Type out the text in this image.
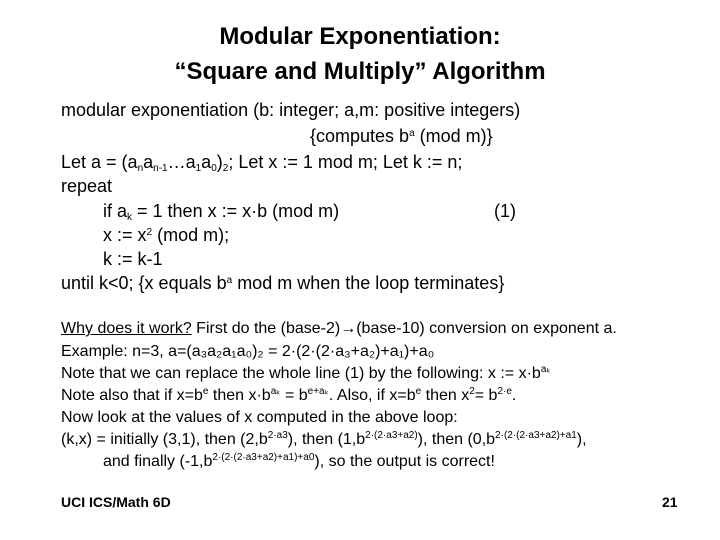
Modular Exponentiation:
“Square and Multiply” Algorithm
modular exponentiation (b: integer; a,m: positive integers)
{computes $b^a$ (mod m)}
Let $a = (a_na_{n-1}\dots a_1a_0)_2$; Let x := 1 mod m; Let k := n;
repeat
if $a_k = 1$ then x := x·b (mod m)	(1)
x := $x^2$ (mod m);
k := k-1
until k<0; {x equals $b^a$ mod m when the loop terminates}
Why does it work? First do the (base-2)→(base-10) conversion on exponent a.
Example: n=3, a=(a₃a₂a₁a₀)₂ = 2·(2·(2·a₃+a₂)+a₁)+a₀
Note that we can replace the whole line (1) by the following: x := $x\cdot b^{a_k}$
Note also that if $x=b^e$ then $x\cdot b^{a_k} = b^{e+a_k}$. Also, if $x=b^e$ then $x^2= b^{2\cdot e}$.
Now look at the values of x computed in the above loop:
(k,x) = initially (3,1), then $(2,b^{2\cdot a3})$, then $(1,b^{2\cdot(2\cdot a3+a2)})$, then $(0,b^{2\cdot(2\cdot(2\cdot a3+a2)+a1})$,
and finally $(-1,b^{2\cdot(2\cdot(2\cdot a3+a2)+a1)+a0})$, so the output is correct!
UCI ICS/Math 6D	21
